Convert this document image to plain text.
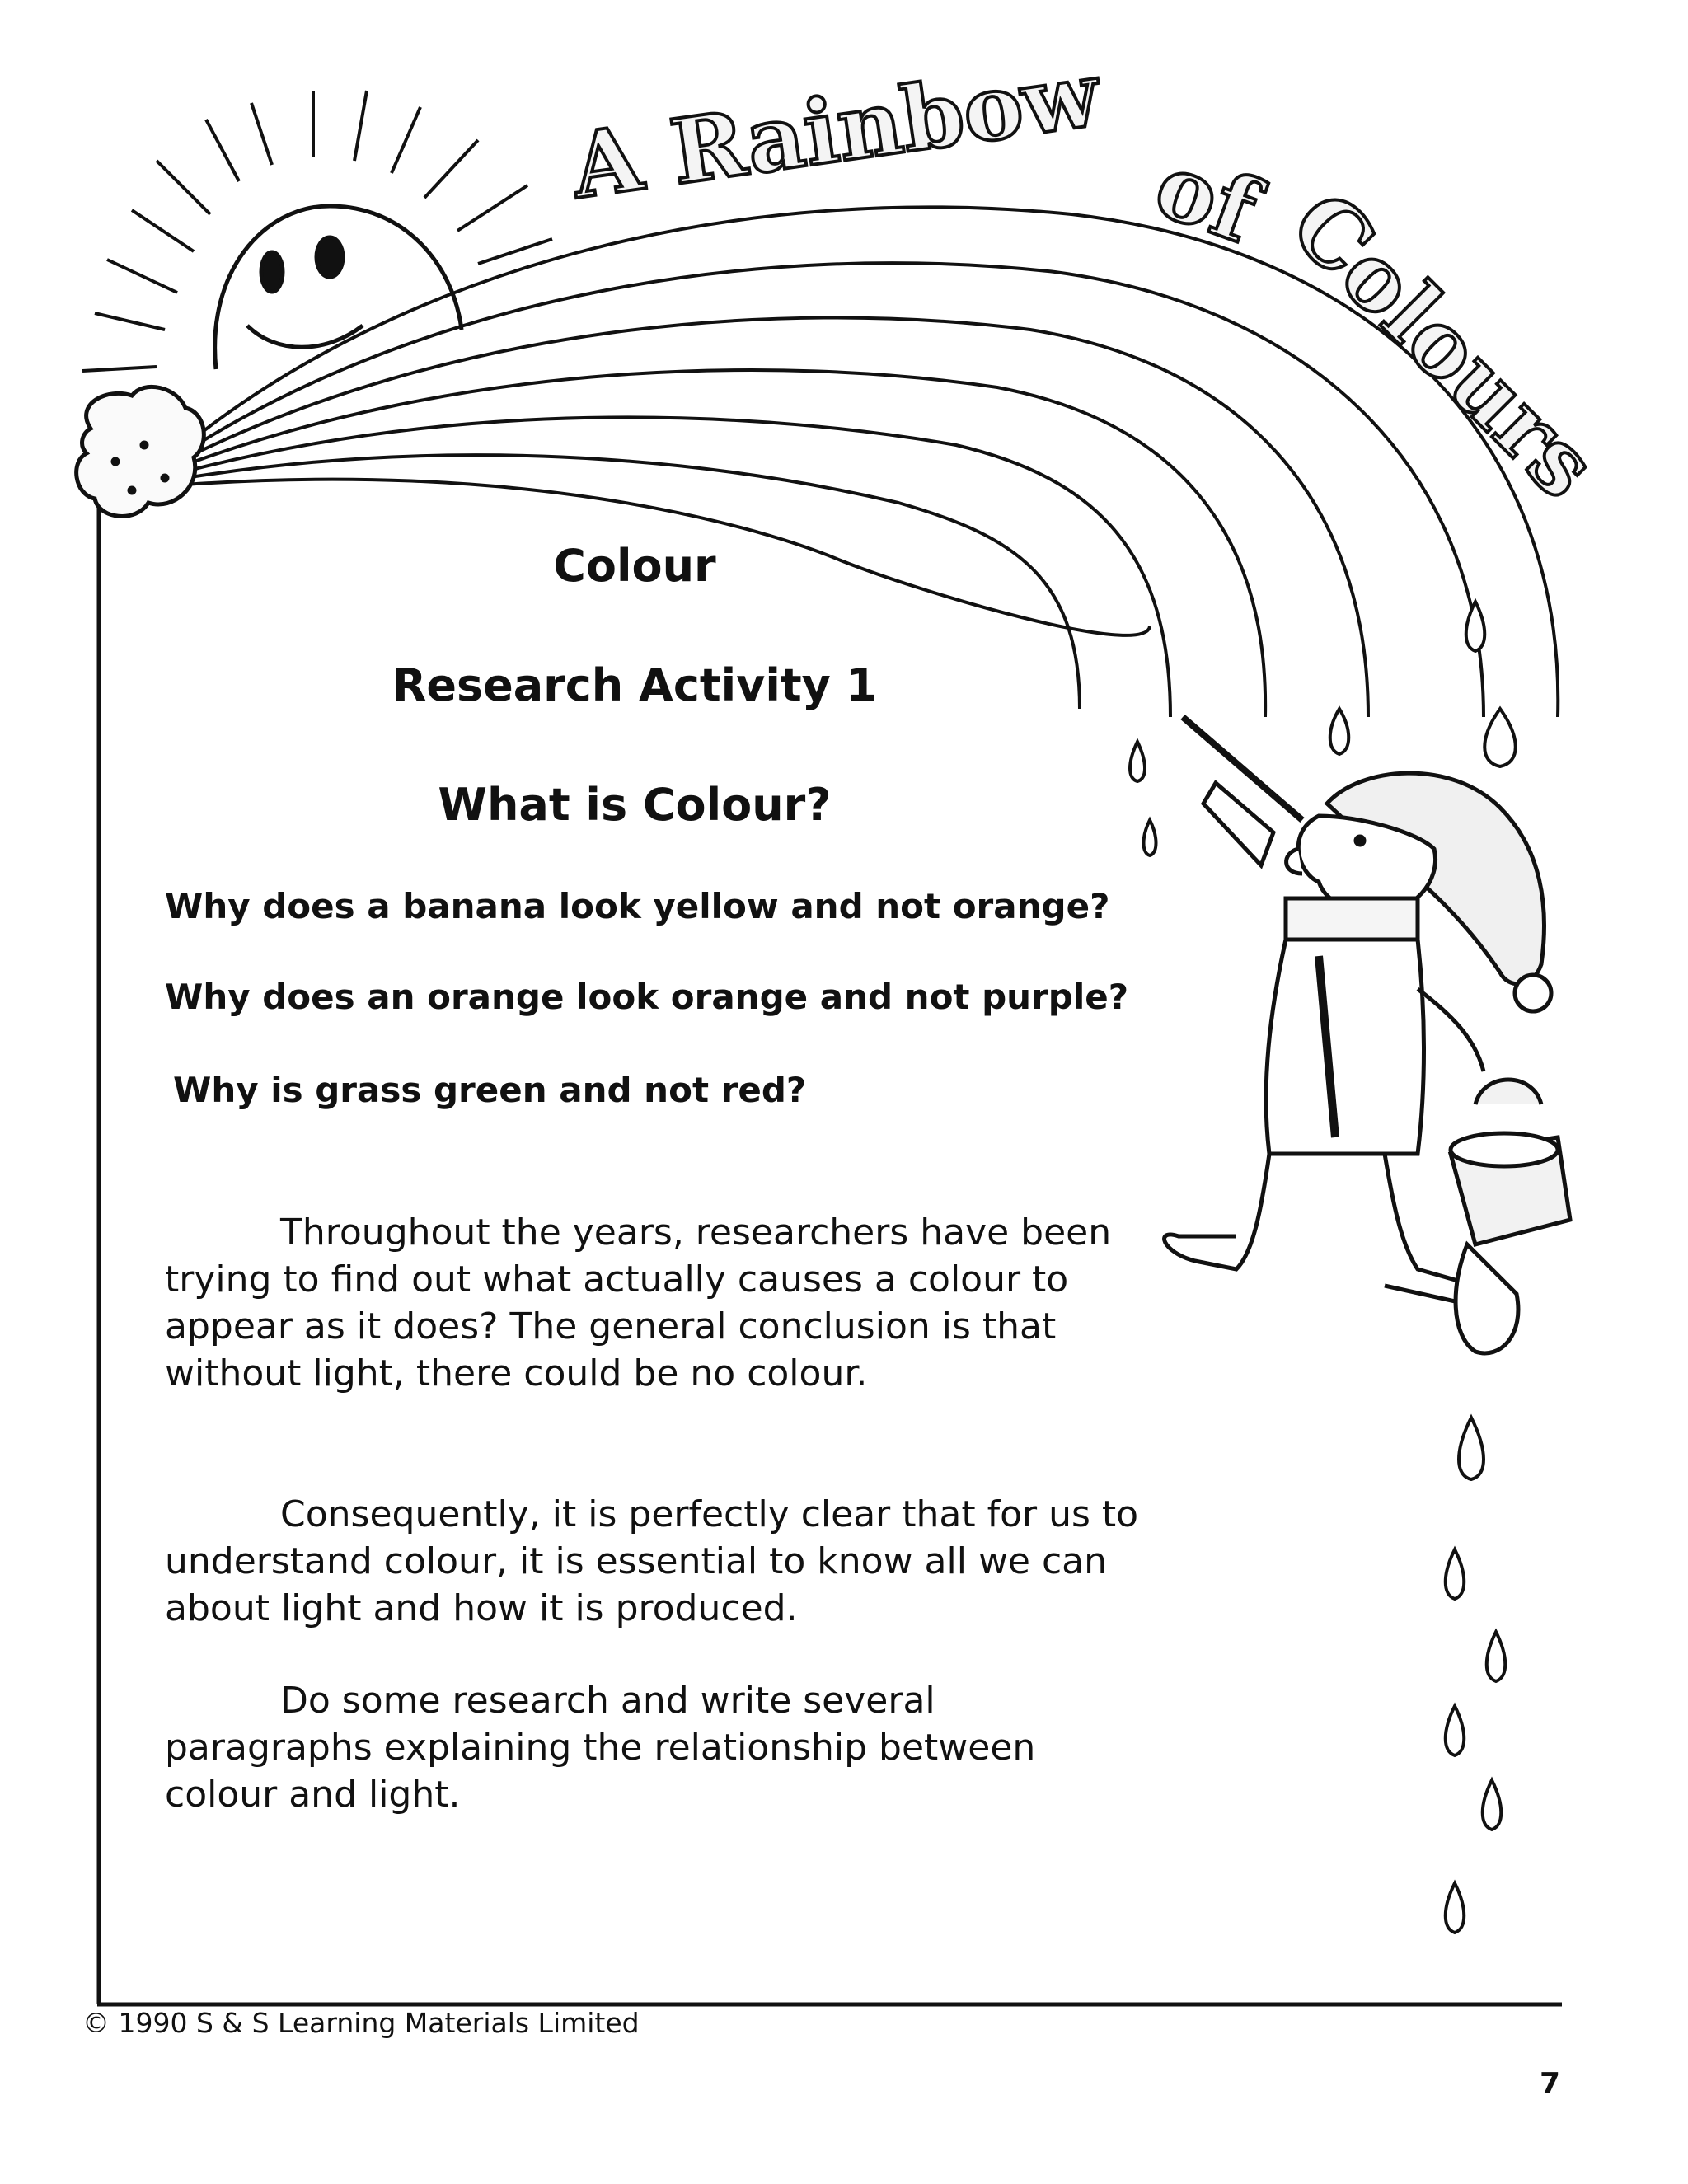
A Rainbow of Colours
Colour
Research Activity 1
What is Colour?

Why does a banana look yellow and not orange?

Why does an orange look orange and not purple?

Why is grass green and not red?

Throughout the years, researchers have been trying to find out what actually causes a colour to appear as it does? The general conclusion is that without light, there could be no colour.

Consequently, it is perfectly clear that for us to understand colour, it is essential to know all we can about light and how it is produced.

Do some research and write several paragraphs explaining the relationship between colour and light.

© 1990 S & S Learning Materials Limited

7
